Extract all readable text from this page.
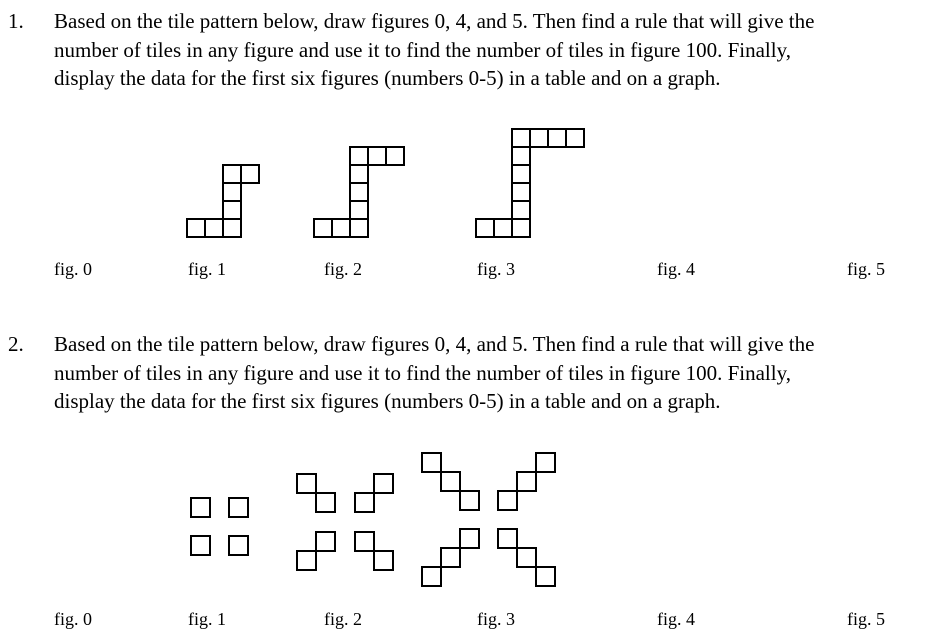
1. Based on the tile pattern below, draw figures 0, 4, and 5. Then find a rule that will give the
number of tiles in any figure and use it to find the number of tiles in figure 100. Finally,
display the data for the first six figures (numbers 0-5) in a table and on a graph.
fig. 0	fig. 1	fig. 2	fig. 3	fig. 4	fig. 5
2. Based on the tile pattern below, draw figures 0, 4, and 5. Then find a rule that will give the
number of tiles in any figure and use it to find the number of tiles in figure 100. Finally,
display the data for the first six figures (numbers 0-5) in a table and on a graph.
fig. 0	fig. 1	fig. 2	fig. 3	fig. 4	fig. 5
